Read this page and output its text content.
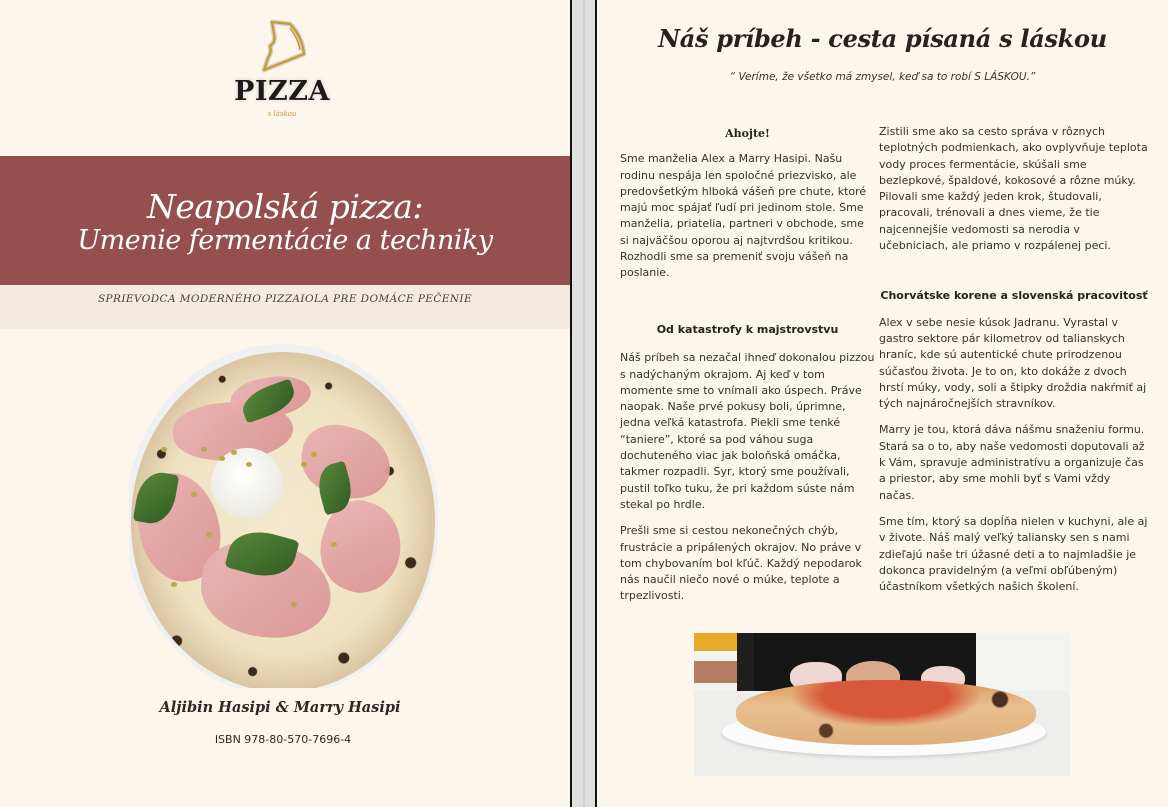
PIZZA
s láskou
Neapolská pizza:
Umenie fermentácie a techniky
SPRIEVODCA MODERNÉHO PIZZAIOLA PRE DOMÁCE PEČENIE
Aljibin Hasipi & Marry Hasipi
ISBN 978-80-570-7696-4
Náš príbeh - cesta písaná s láskou
“ Veríme, že všetko má zmysel, keď sa to robí S LÁSKOU.”
Ahojte!

Sme manželia Alex a Marry Hasipi. Našu rodinu nespája len spoločné priezvisko, ale predovšetkým hlboká vášeň pre chute, ktoré majú moc spájať ľudí pri jedinom stole. Sme manželia, priatelia, partneri v obchode, sme si najväčšou oporou aj najtvrdšou kritikou. Rozhodli sme sa premeniť svoju vášeň na poslanie.

Od katastrofy k majstrovstvu

Náš príbeh sa nezačal ihneď dokonalou pizzou s nadýchaným okrajom. Aj keď v tom momente sme to vnímali ako úspech. Práve naopak. Naše prvé pokusy boli, úprimne, jedna veľká katastrofa. Piekli sme tenké “taniere”, ktoré sa pod váhou suga dochuteného viac jak boloňská omáčka, takmer rozpadli. Syr, ktorý sme používali, pustil toľko tuku, že pri každom súste nám stekal po hrdle.

Prešli sme si cestou nekonečných chýb, frustrácie a pripálených okrajov. No práve v tom chybovaním bol kľúč. Každý nepodarok nás naučil niečo nové o múke, teplote a trpezlivosti.

Zistili sme ako sa cesto správa v rôznych teplotných podmienkach, ako ovplyvňuje teplota vody proces fermentácie, skúšali sme bezlepkové, špaldové, kokosové a rôzne múky. Pilovali sme každý jeden krok, študovali, pracovali, trénovali a dnes vieme, že tie najcennejšie vedomosti sa nerodia v učebniciach, ale priamo v rozpálenej peci.

Chorvátske korene a slovenská pracovitosť

Alex v sebe nesie kúsok Jadranu. Vyrastal v gastro sektore pár kilometrov od talianskych hraníc, kde sú autentické chute prirodzenou súčasťou života. Je to on, kto dokáže z dvoch hrstí múky, vody, soli a štipky droždia nakŕmiť aj tých najnáročnejších stravníkov.

Marry je tou, ktorá dáva nášmu snaženiu formu. Stará sa o to, aby naše vedomosti doputovali až k Vám, spravuje administratívu a organizuje čas a priestor, aby sme mohli byť s Vami vždy načas.

Sme tím, ktorý sa dopĺňa nielen v kuchyni, ale aj v živote. Náš malý veľký taliansky sen s nami zdieľajú naše tri úžasné deti a to najmladšie je dokonca pravidelným (a veľmi obľúbeným) účastníkom všetkých našich školení.
